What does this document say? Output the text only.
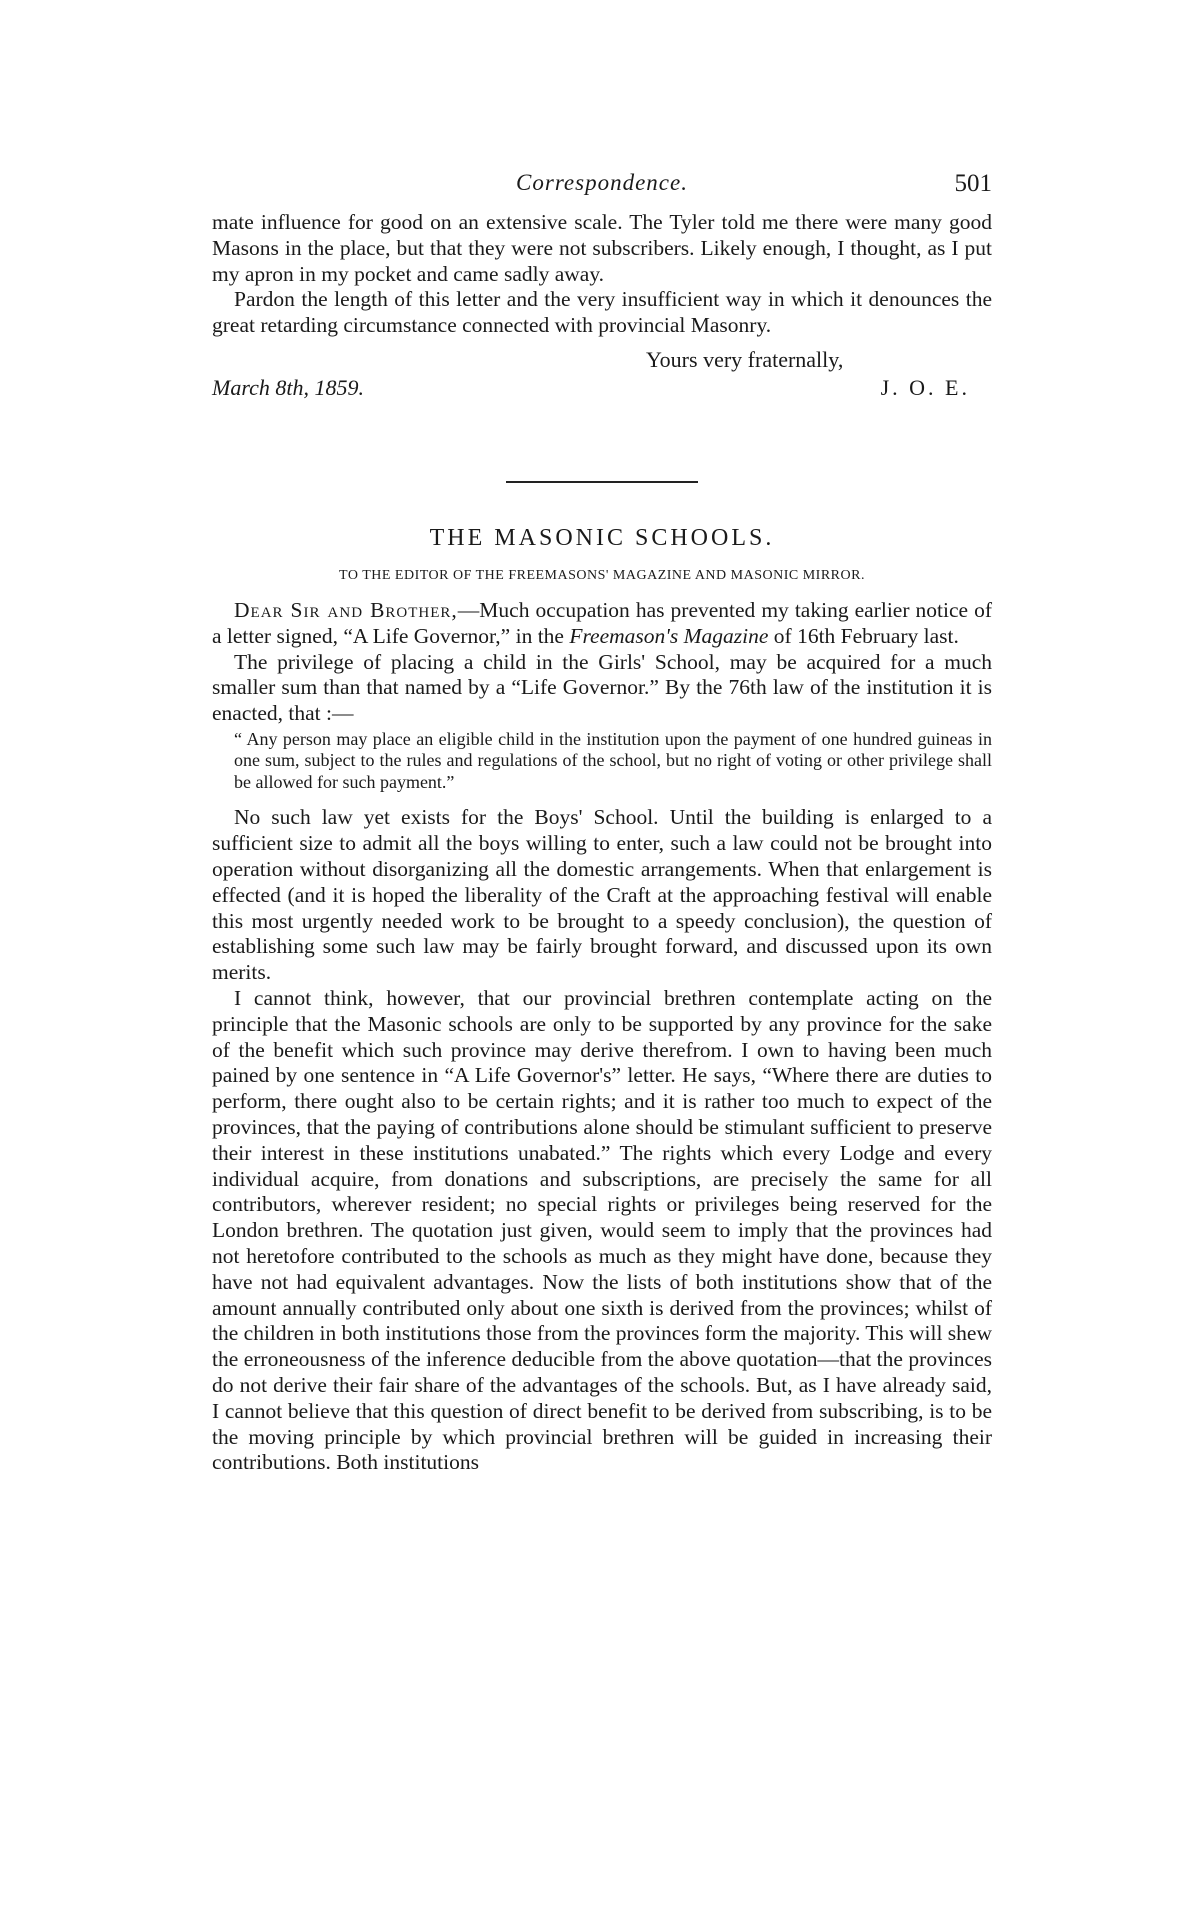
Correspondence.	501

mate influence for good on an extensive scale. The Tyler told me there were many good Masons in the place, but that they were not subscribers. Likely enough, I thought, as I put my apron in my pocket and came sadly away.

Pardon the length of this letter and the very insufficient way in which it denounces the great retarding circumstance connected with provincial Masonry.

Yours very fraternally,
March 8th, 1859.	J. O. E.
THE MASONIC SCHOOLS.
TO THE EDITOR OF THE FREEMASONS' MAGAZINE AND MASONIC MIRROR.

Dear Sir and Brother,—Much occupation has prevented my taking earlier notice of a letter signed, “A Life Governor,” in the Freemason's Magazine of 16th February last.

The privilege of placing a child in the Girls' School, may be acquired for a much smaller sum than that named by a “Life Governor.” By the 76th law of the institution it is enacted, that :—

“ Any person may place an eligible child in the institution upon the payment of one hundred guineas in one sum, subject to the rules and regulations of the school, but no right of voting or other privilege shall be allowed for such payment.”

No such law yet exists for the Boys' School. Until the building is enlarged to a sufficient size to admit all the boys willing to enter, such a law could not be brought into operation without disorganizing all the domestic arrangements. When that enlargement is effected (and it is hoped the liberality of the Craft at the approaching festival will enable this most urgently needed work to be brought to a speedy conclusion), the question of establishing some such law may be fairly brought forward, and discussed upon its own merits.

I cannot think, however, that our provincial brethren contemplate acting on the principle that the Masonic schools are only to be supported by any province for the sake of the benefit which such province may derive therefrom. I own to having been much pained by one sentence in “A Life Governor's” letter. He says, “Where there are duties to perform, there ought also to be certain rights; and it is rather too much to expect of the provinces, that the paying of contributions alone should be stimulant sufficient to preserve their interest in these institutions unabated.” The rights which every Lodge and every individual acquire, from donations and subscriptions, are precisely the same for all contributors, wherever resident; no special rights or privileges being reserved for the London brethren. The quotation just given, would seem to imply that the provinces had not heretofore contributed to the schools as much as they might have done, because they have not had equivalent advantages. Now the lists of both institutions show that of the amount annually contributed only about one sixth is derived from the provinces; whilst of the children in both institutions those from the provinces form the majority. This will shew the erroneousness of the inference deducible from the above quotation—that the provinces do not derive their fair share of the advantages of the schools. But, as I have already said, I cannot believe that this question of direct benefit to be derived from subscribing, is to be the moving principle by which provincial brethren will be guided in increasing their contributions. Both institutions
